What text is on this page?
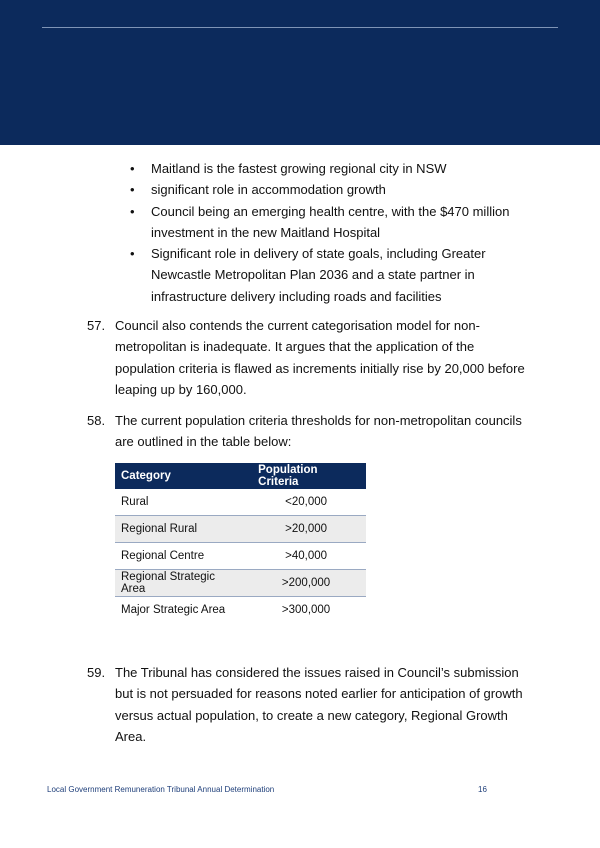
• Maitland is the fastest growing regional city in NSW
• significant role in accommodation growth
• Council being an emerging health centre, with the $470 million investment in the new Maitland Hospital
• Significant role in delivery of state goals, including Greater Newcastle Metropolitan Plan 2036 and a state partner in infrastructure delivery including roads and facilities
57. Council also contends the current categorisation model for non-metropolitan is inadequate. It argues that the application of the population criteria is flawed as increments initially rise by 20,000 before leaping up by 160,000.
58. The current population criteria thresholds for non-metropolitan councils are outlined in the table below:
Category	Population Criteria
Rural	<20,000
Regional Rural	>20,000
Regional Centre	>40,000
Regional Strategic Area	>200,000
Major Strategic Area	>300,000
59. The Tribunal has considered the issues raised in Council’s submission but is not persuaded for reasons noted earlier for anticipation of growth versus actual population, to create a new category, Regional Growth Area.
Local Government Remuneration Tribunal Annual Determination	16
